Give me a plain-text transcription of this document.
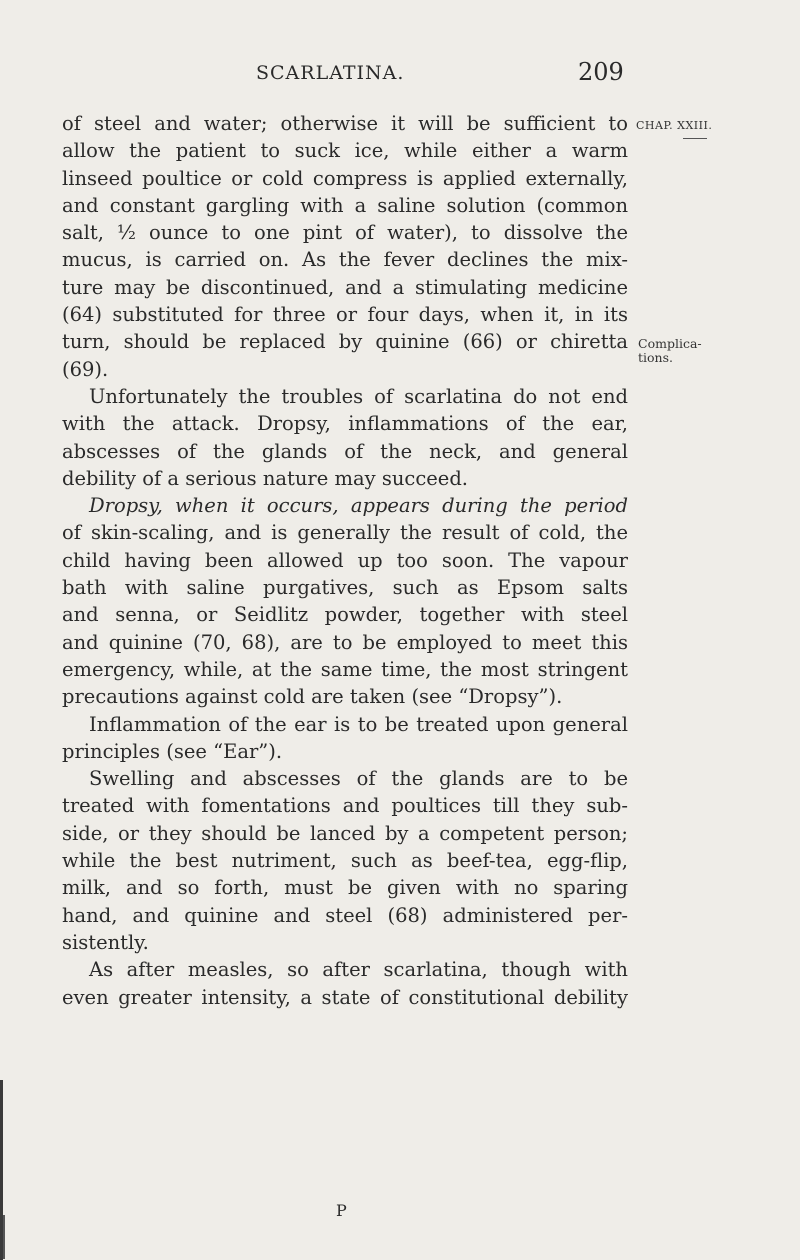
SCARLATINA.	209
CHAP. XXIII.
Complica-tions.

of steel and water; otherwise it will be sufficient to

allow the patient to suck ice, while either a warm

linseed poultice or cold compress is applied externally,

and constant gargling with a saline solution (common

salt, ½ ounce to one pint of water), to dissolve the

mucus, is carried on. As the fever declines the mix-

ture may be discontinued, and a stimulating medicine

(64) substituted for three or four days, when it, in its

turn, should be replaced by quinine (66) or chiretta

(69).

Unfortunately the troubles of scarlatina do not end

with the attack. Dropsy, inflammations of the ear,

abscesses of the glands of the neck, and general

debility of a serious nature may succeed.

Dropsy, when it occurs, appears during the period

of skin-scaling, and is generally the result of cold, the

child having been allowed up too soon. The vapour

bath with saline purgatives, such as Epsom salts

and senna, or Seidlitz powder, together with steel

and quinine (70, 68), are to be employed to meet this

emergency, while, at the same time, the most stringent

precautions against cold are taken (see “Dropsy”).

Inflammation of the ear is to be treated upon general

principles (see “Ear”).

Swelling and abscesses of the glands are to be

treated with fomentations and poultices till they sub-

side, or they should be lanced by a competent person;

while the best nutriment, such as beef-tea, egg-flip,

milk, and so forth, must be given with no sparing

hand, and quinine and steel (68) administered per-

sistently.

As after measles, so after scarlatina, though with

even greater intensity, a state of constitutional debility

P
